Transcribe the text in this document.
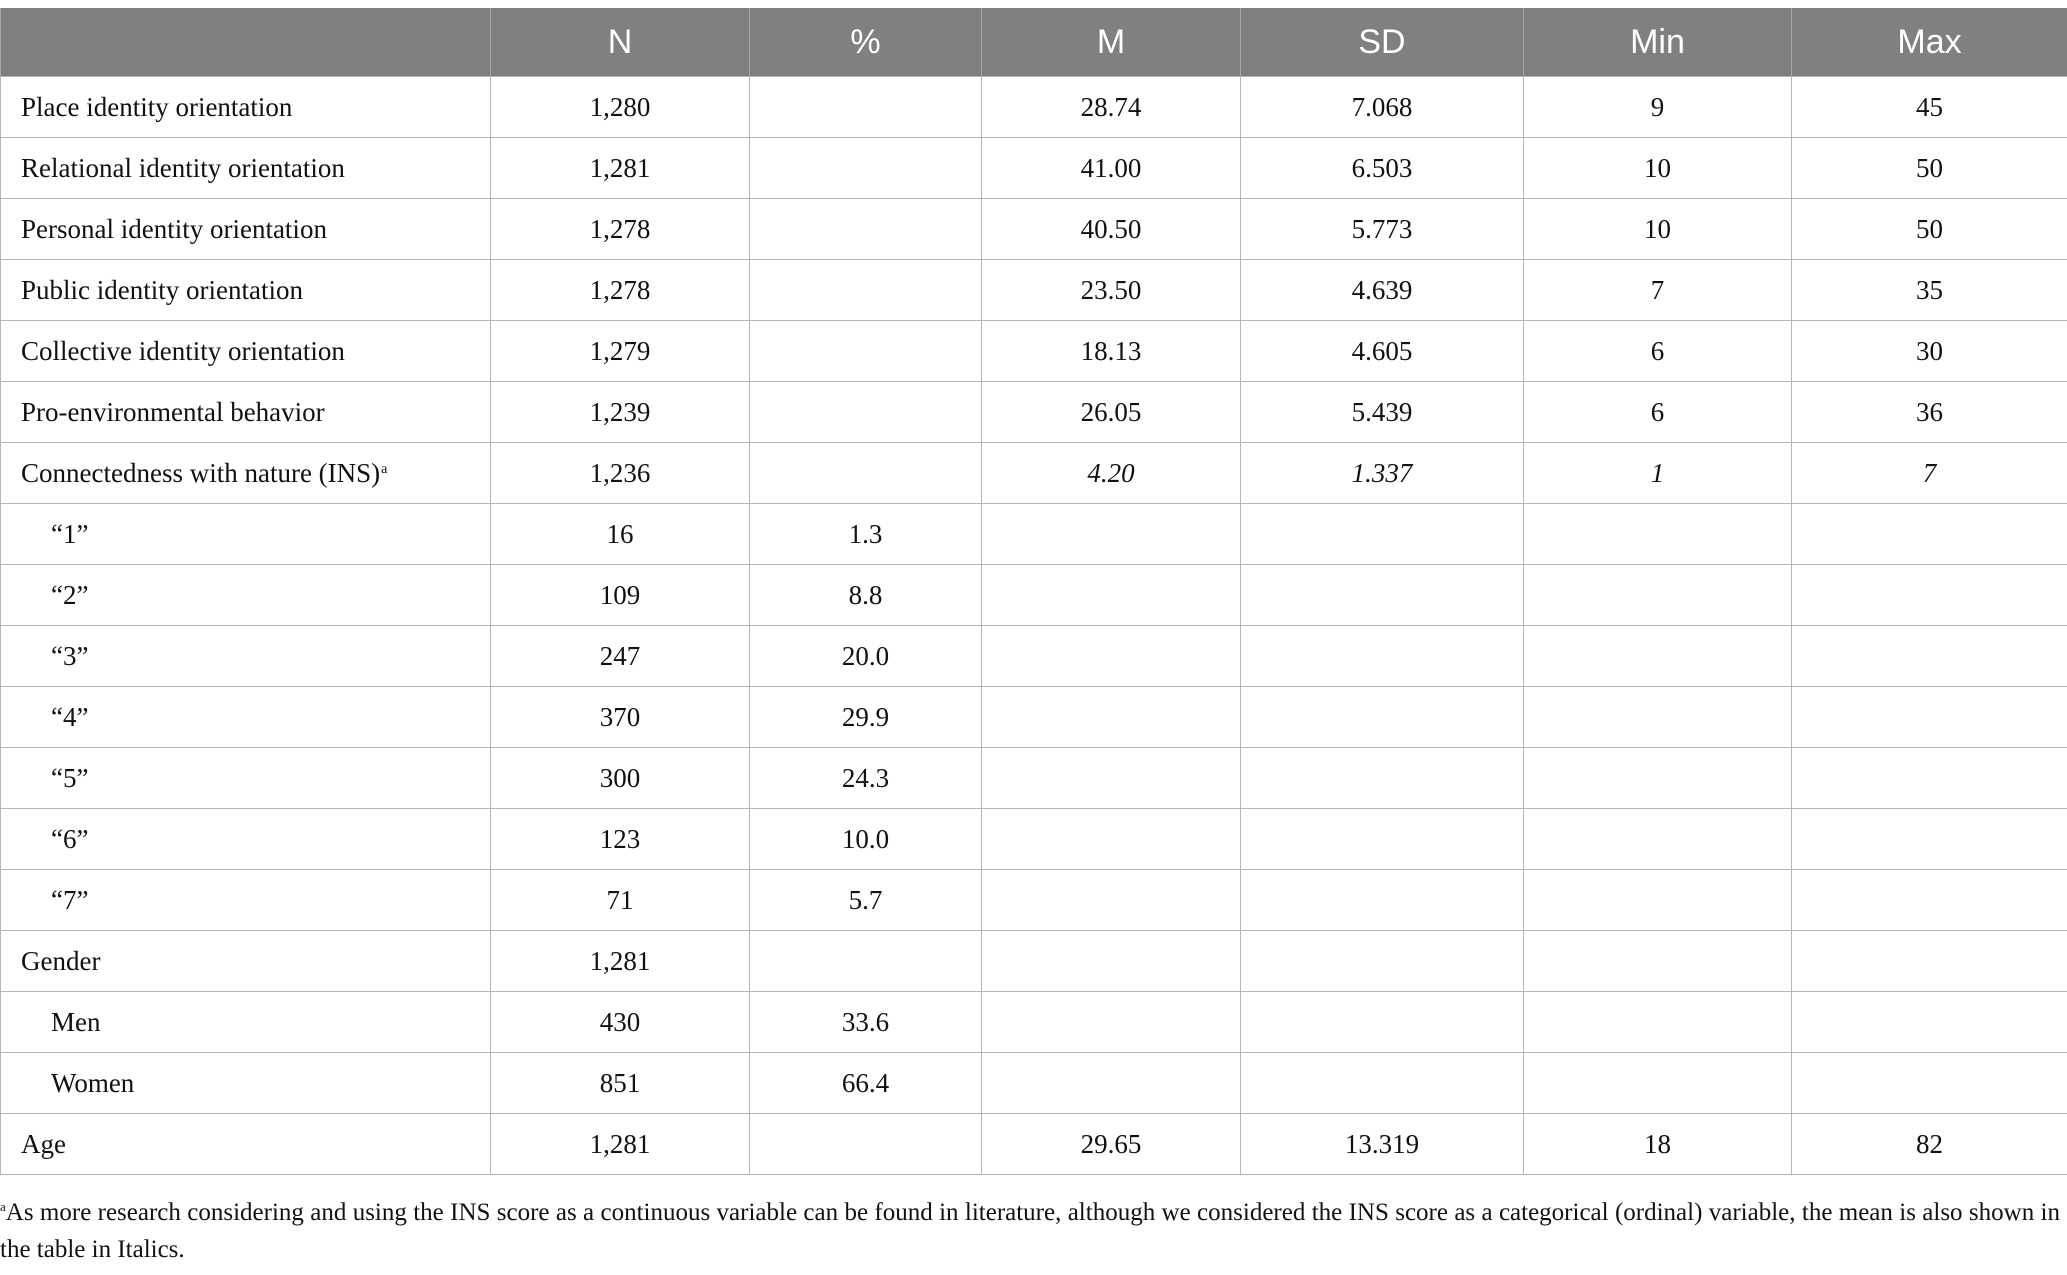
	N	%	M	SD	Min	Max
Place identity orientation	1,280		28.74	7.068	9	45
Relational identity orientation	1,281		41.00	6.503	10	50
Personal identity orientation	1,278		40.50	5.773	10	50
Public identity orientation	1,278		23.50	4.639	7	35
Collective identity orientation	1,279		18.13	4.605	6	30
Pro-environmental behavior	1,239		26.05	5.439	6	36
Connectedness with nature (INS)$^a$	1,236		4.20	1.337	1	7
“1”	16	1.3				
“2”	109	8.8				
“3”	247	20.0				
“4”	370	29.9				
“5”	300	24.3				
“6”	123	10.0				
“7”	71	5.7				
Gender	1,281					
Men	430	33.6				
Women	851	66.4				
Age	1,281		29.65	13.319	18	82
$^a$As more research considering and using the INS score as a continuous variable can be found in literature, although we considered the INS score as a categorical (ordinal) variable, the mean is also shown in the table in Italics.
